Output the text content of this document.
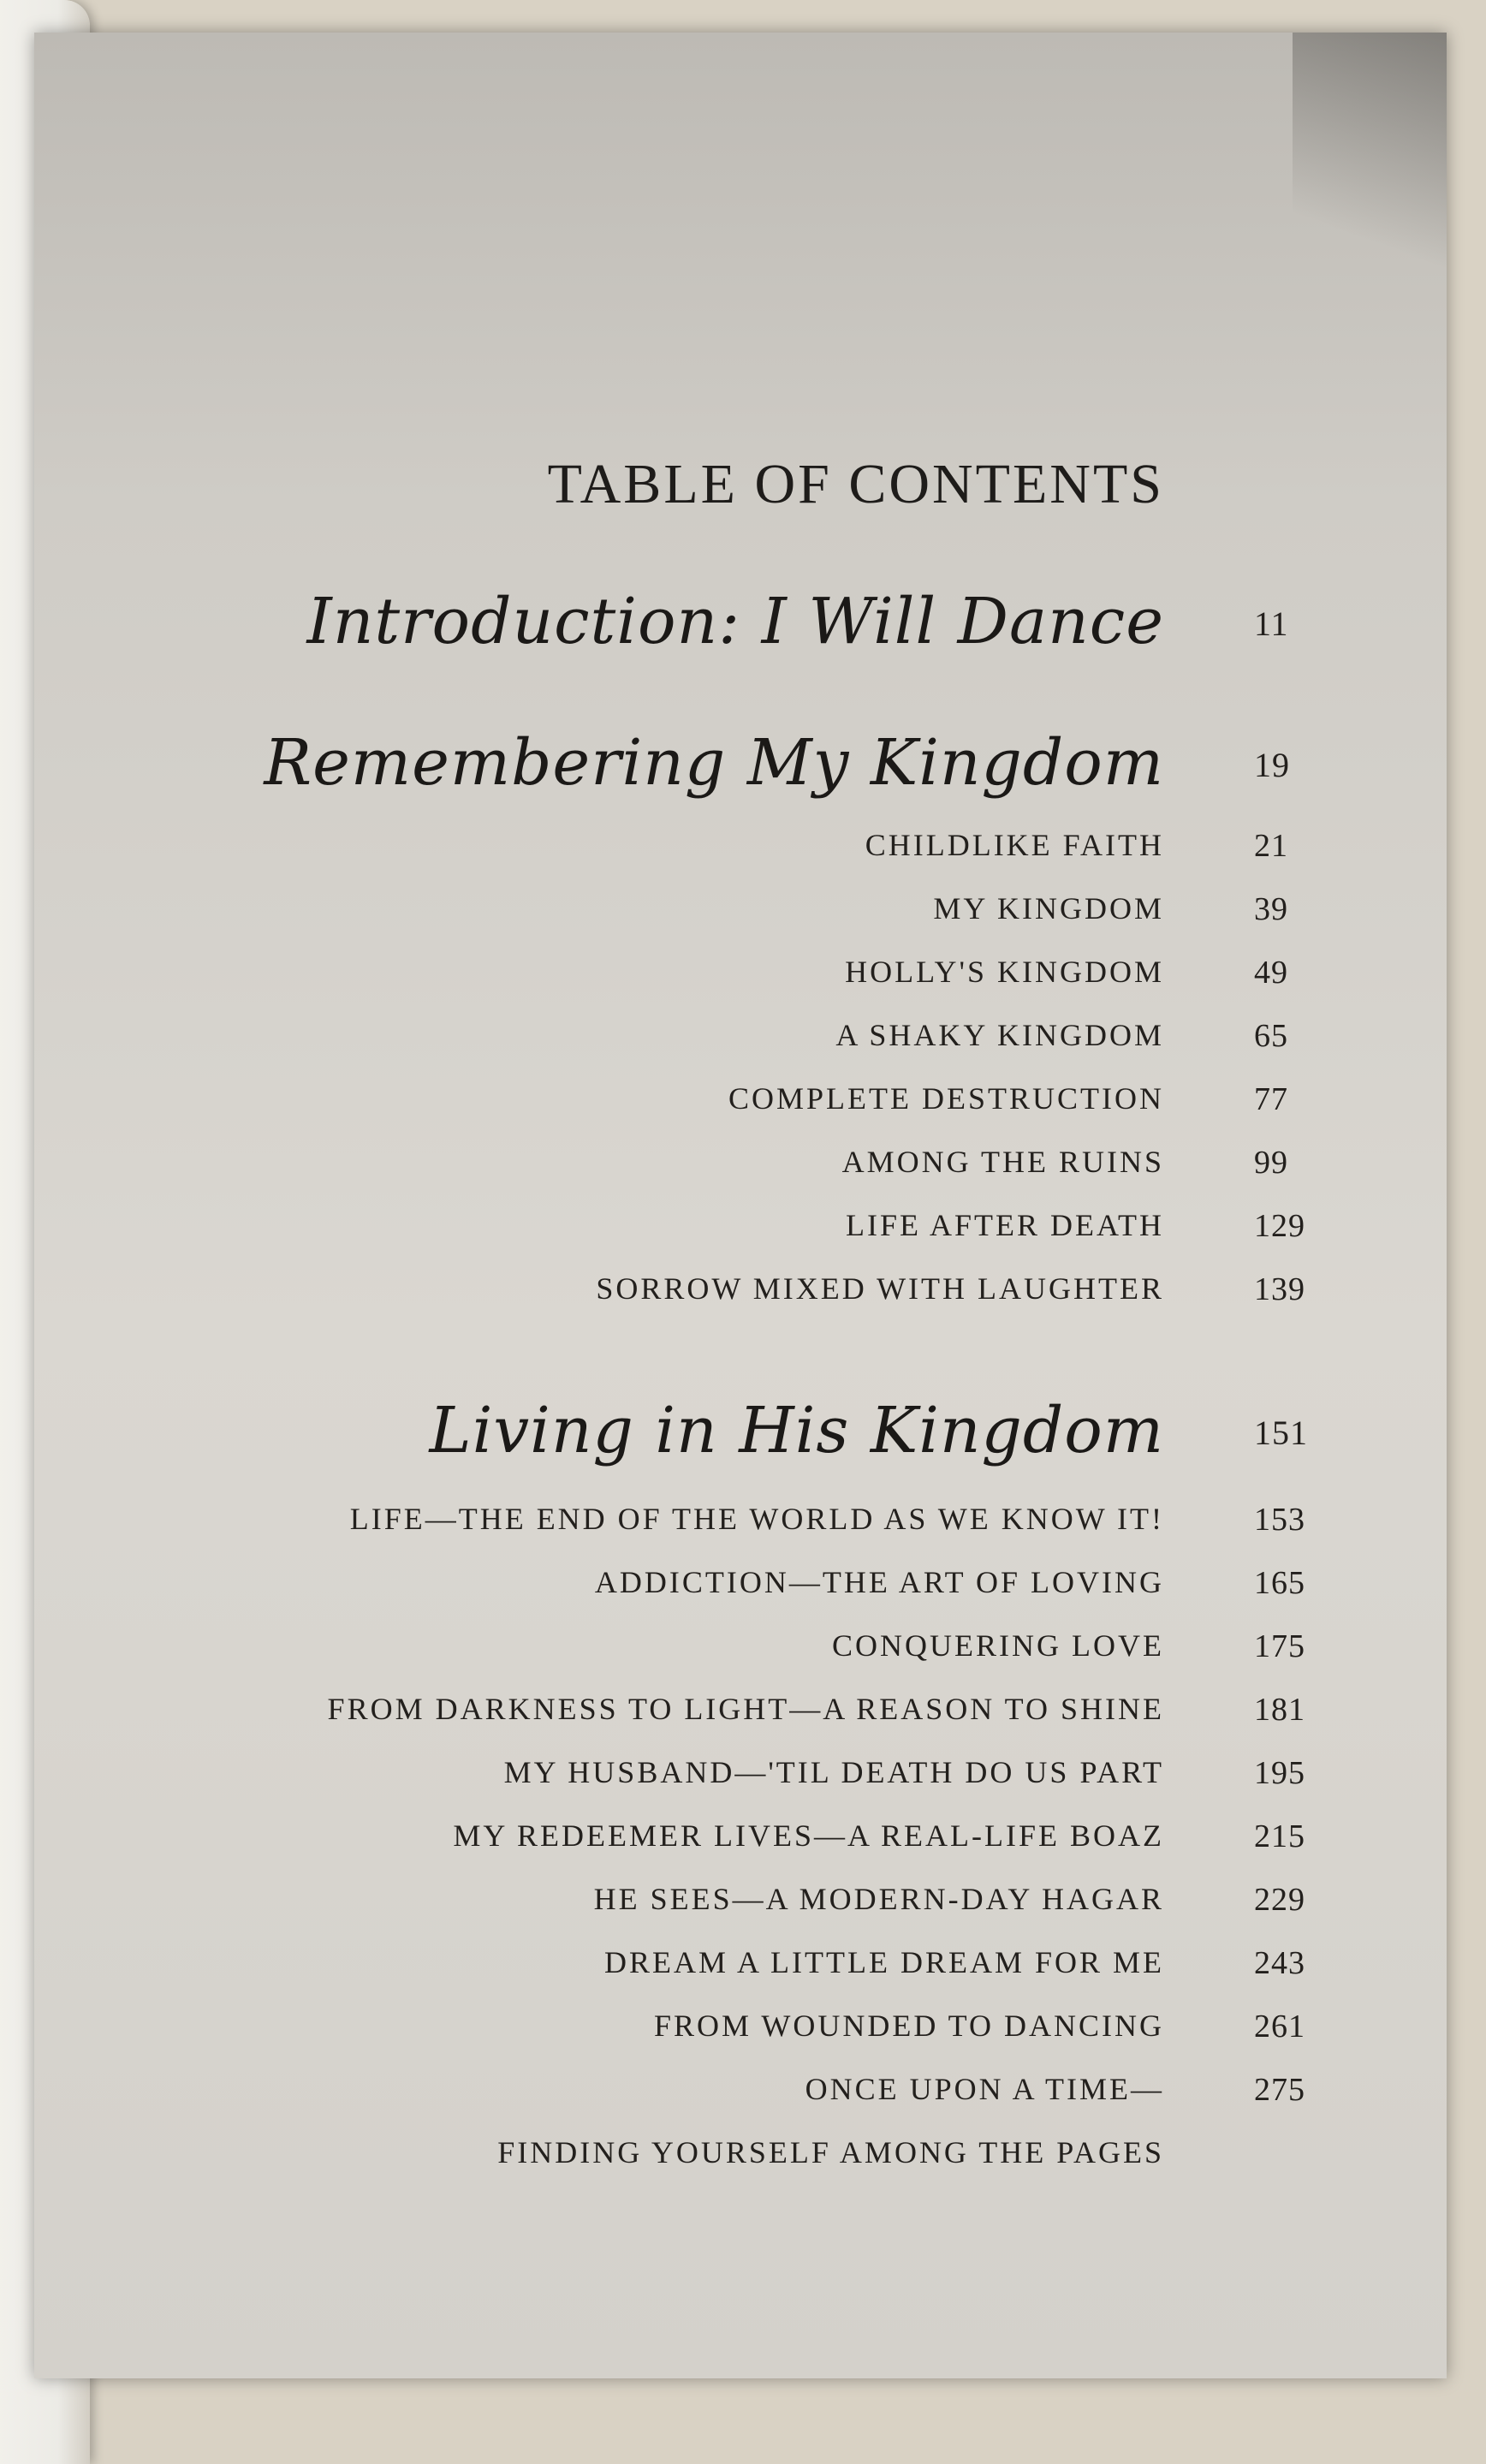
TABLE OF CONTENTS
Introduction: I Will Dance	11
Remembering My Kingdom	19
CHILDLIKE FAITH	21
MY KINGDOM	39
HOLLY'S KINGDOM	49
A SHAKY KINGDOM	65
COMPLETE DESTRUCTION	77
AMONG THE RUINS	99
LIFE AFTER DEATH	129
SORROW MIXED WITH LAUGHTER	139
Living in His Kingdom	151
LIFE—THE END OF THE WORLD AS WE KNOW IT!	153
ADDICTION—THE ART OF LOVING	165
CONQUERING LOVE	175
FROM DARKNESS TO LIGHT—A REASON TO SHINE	181
MY HUSBAND—'TIL DEATH DO US PART	195
MY REDEEMER LIVES—A REAL-LIFE BOAZ	215
HE SEES—A MODERN-DAY HAGAR	229
DREAM A LITTLE DREAM FOR ME	243
FROM WOUNDED TO DANCING	261
ONCE UPON A TIME—	275
FINDING YOURSELF AMONG THE PAGES
